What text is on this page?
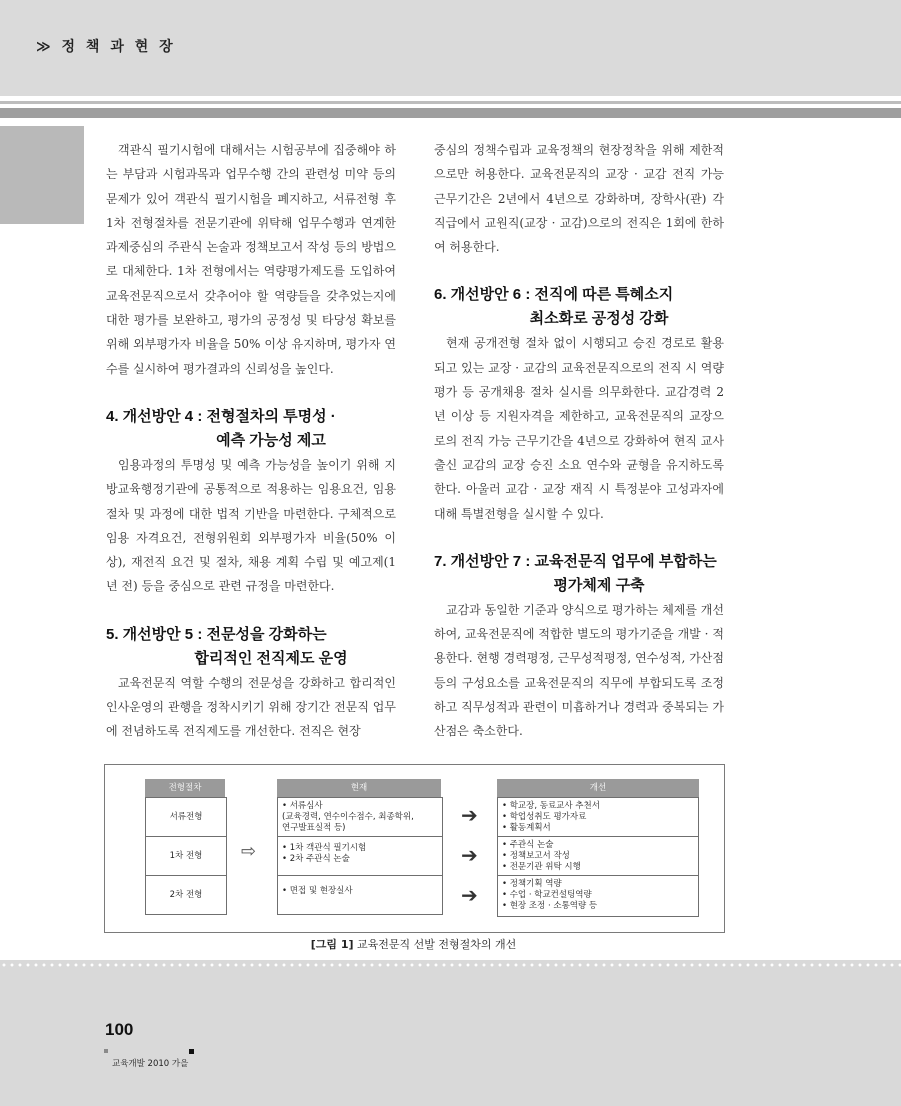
≫ 정 책 과 현 장

객관식 필기시험에 대해서는 시험공부에 집중해야 하는 부담과 시험과목과 업무수행 간의 관련성 미약 등의 문제가 있어 객관식 필기시험을 폐지하고, 서류전형 후 1차 전형절차를 전문기관에 위탁해 업무수행과 연계한 과제중심의 주관식 논술과 정책보고서 작성 등의 방법으로 대체한다. 1차 전형에서는 역량평가제도를 도입하여 교육전문직으로서 갖추어야 할 역량들을 갖추었는지에 대한 평가를 보완하고, 평가의 공정성 및 타당성 확보를 위해 외부평가자 비율을 50% 이상 유지하며, 평가자 연수를 실시하여 평가결과의 신뢰성을 높인다.

4. 개선방안 4 : 전형절차의 투명성 ·
예측 가능성 제고

임용과정의 투명성 및 예측 가능성을 높이기 위해 지방교육행정기관에 공통적으로 적용하는 임용요건, 임용 절차 및 과정에 대한 법적 기반을 마련한다. 구체적으로 임용 자격요건, 전형위원회 외부평가자 비율(50% 이상), 재전직 요건 및 절차, 채용 계획 수립 및 예고제(1년 전) 등을 중심으로 관련 규정을 마련한다.

5. 개선방안 5 : 전문성을 강화하는
합리적인 전직제도 운영

교육전문직 역할 수행의 전문성을 강화하고 합리적인 인사운영의 관행을 정착시키기 위해 장기간 전문직 업무에 전념하도록 전직제도를 개선한다. 전직은 현장

중심의 정책수립과 교육정책의 현장정착을 위해 제한적으로만 허용한다. 교육전문직의 교장 · 교감 전직 가능 근무기간은 2년에서 4년으로 강화하며, 장학사(관) 각 직급에서 교원직(교장 · 교감)으로의 전직은 1회에 한하여 허용한다.

6. 개선방안 6 : 전직에 따른 특혜소지
최소화로 공정성 강화

현재 공개전형 절차 없이 시행되고 승진 경로로 활용되고 있는 교장 · 교감의 교육전문직으로의 전직 시 역량평가 등 공개채용 절차 실시를 의무화한다. 교감경력 2년 이상 등 지원자격을 제한하고, 교육전문직의 교장으로의 전직 가능 근무기간을 4년으로 강화하여 현직 교사 출신 교감의 교장 승진 소요 연수와 균형을 유지하도록 한다. 아울러 교감 · 교장 재직 시 특정분야 고성과자에 대해 특별전형을 실시할 수 있다.

7. 개선방안 7 : 교육전문직 업무에 부합하는
평가체제 구축

교감과 동일한 기준과 양식으로 평가하는 체제를 개선하여, 교육전문직에 적합한 별도의 평가기준을 개발 · 적용한다. 현행 경력평정, 근무성적평정, 연수성적, 가산점 등의 구성요소를 교육전문직의 직무에 부합되도록 조정하고 직무성적과 관련이 미흡하거나 경력과 중복되는 가산점은 축소한다.

전형절차	현재	개선
서류전형
1차 전형
2차 전형
⇨
• 서류심사
(교육경력, 연수이수점수, 최종학위,
연구발표실적 등)
• 1차 객관식 필기시험
• 2차 주관식 논술
• 면접 및 현장실사
➔
➔
➔
• 학교장, 동료교사 추천서
• 학업성취도 평가자료
• 활동계획서
• 주관식 논술
• 정책보고서 작성
• 전문기관 위탁 시행
• 정책기획 역량
• 수업 · 학교컨설팅역량
• 현장 조정 · 소통역량 등
[그림 1] 교육전문직 선발 전형절차의 개선
100
교육개발 2010 가을
